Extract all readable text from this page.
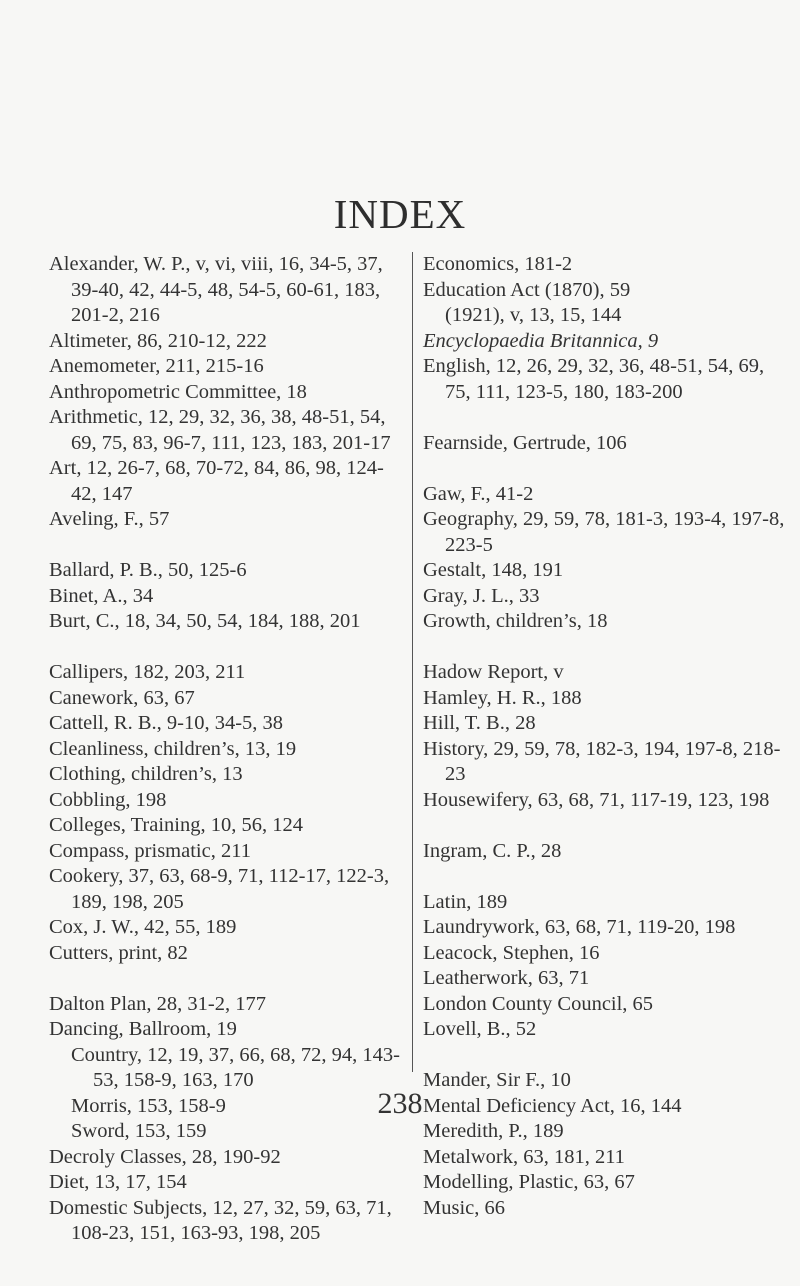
INDEX

Alexander, W. P., v, vi, viii, 16, 34-5, 37, 39-40, 42, 44-5, 48, 54-5, 60-61, 183, 201-2, 216

Altimeter, 86, 210-12, 222

Anemometer, 211, 215-16

Anthropometric Committee, 18

Arithmetic, 12, 29, 32, 36, 38, 48-51, 54, 69, 75, 83, 96-7, 111, 123, 183, 201-17

Art, 12, 26-7, 68, 70-72, 84, 86, 98, 124-42, 147

Aveling, F., 57

Ballard, P. B., 50, 125-6

Binet, A., 34

Burt, C., 18, 34, 50, 54, 184, 188, 201

Callipers, 182, 203, 211

Canework, 63, 67

Cattell, R. B., 9-10, 34-5, 38

Cleanliness, children’s, 13, 19

Clothing, children’s, 13

Cobbling, 198

Colleges, Training, 10, 56, 124

Compass, prismatic, 211

Cookery, 37, 63, 68-9, 71, 112-17, 122-3, 189, 198, 205

Cox, J. W., 42, 55, 189

Cutters, print, 82

Dalton Plan, 28, 31-2, 177

Dancing, Ballroom, 19

Country, 12, 19, 37, 66, 68, 72, 94, 143-53, 158-9, 163, 170

Morris, 153, 158-9

Sword, 153, 159

Decroly Classes, 28, 190-92

Diet, 13, 17, 154

Domestic Subjects, 12, 27, 32, 59, 63, 71, 108-23, 151, 163-93, 198, 205

Economics, 181-2

Education Act (1870), 59

(1921), v, 13, 15, 144

Encyclopaedia Britannica, 9

English, 12, 26, 29, 32, 36, 48-51, 54, 69, 75, 111, 123-5, 180, 183-200

Fearnside, Gertrude, 106

Gaw, F., 41-2

Geography, 29, 59, 78, 181-3, 193-4, 197-8, 223-5

Gestalt, 148, 191

Gray, J. L., 33

Growth, children’s, 18

Hadow Report, v

Hamley, H. R., 188

Hill, T. B., 28

History, 29, 59, 78, 182-3, 194, 197-8, 218-23

Housewifery, 63, 68, 71, 117-19, 123, 198

Ingram, C. P., 28

Latin, 189

Laundrywork, 63, 68, 71, 119-20, 198

Leacock, Stephen, 16

Leatherwork, 63, 71

London County Council, 65

Lovell, B., 52

Mander, Sir F., 10

Mental Deficiency Act, 16, 144

Meredith, P., 189

Metalwork, 63, 181, 211

Modelling, Plastic, 63, 67

Music, 66

238
